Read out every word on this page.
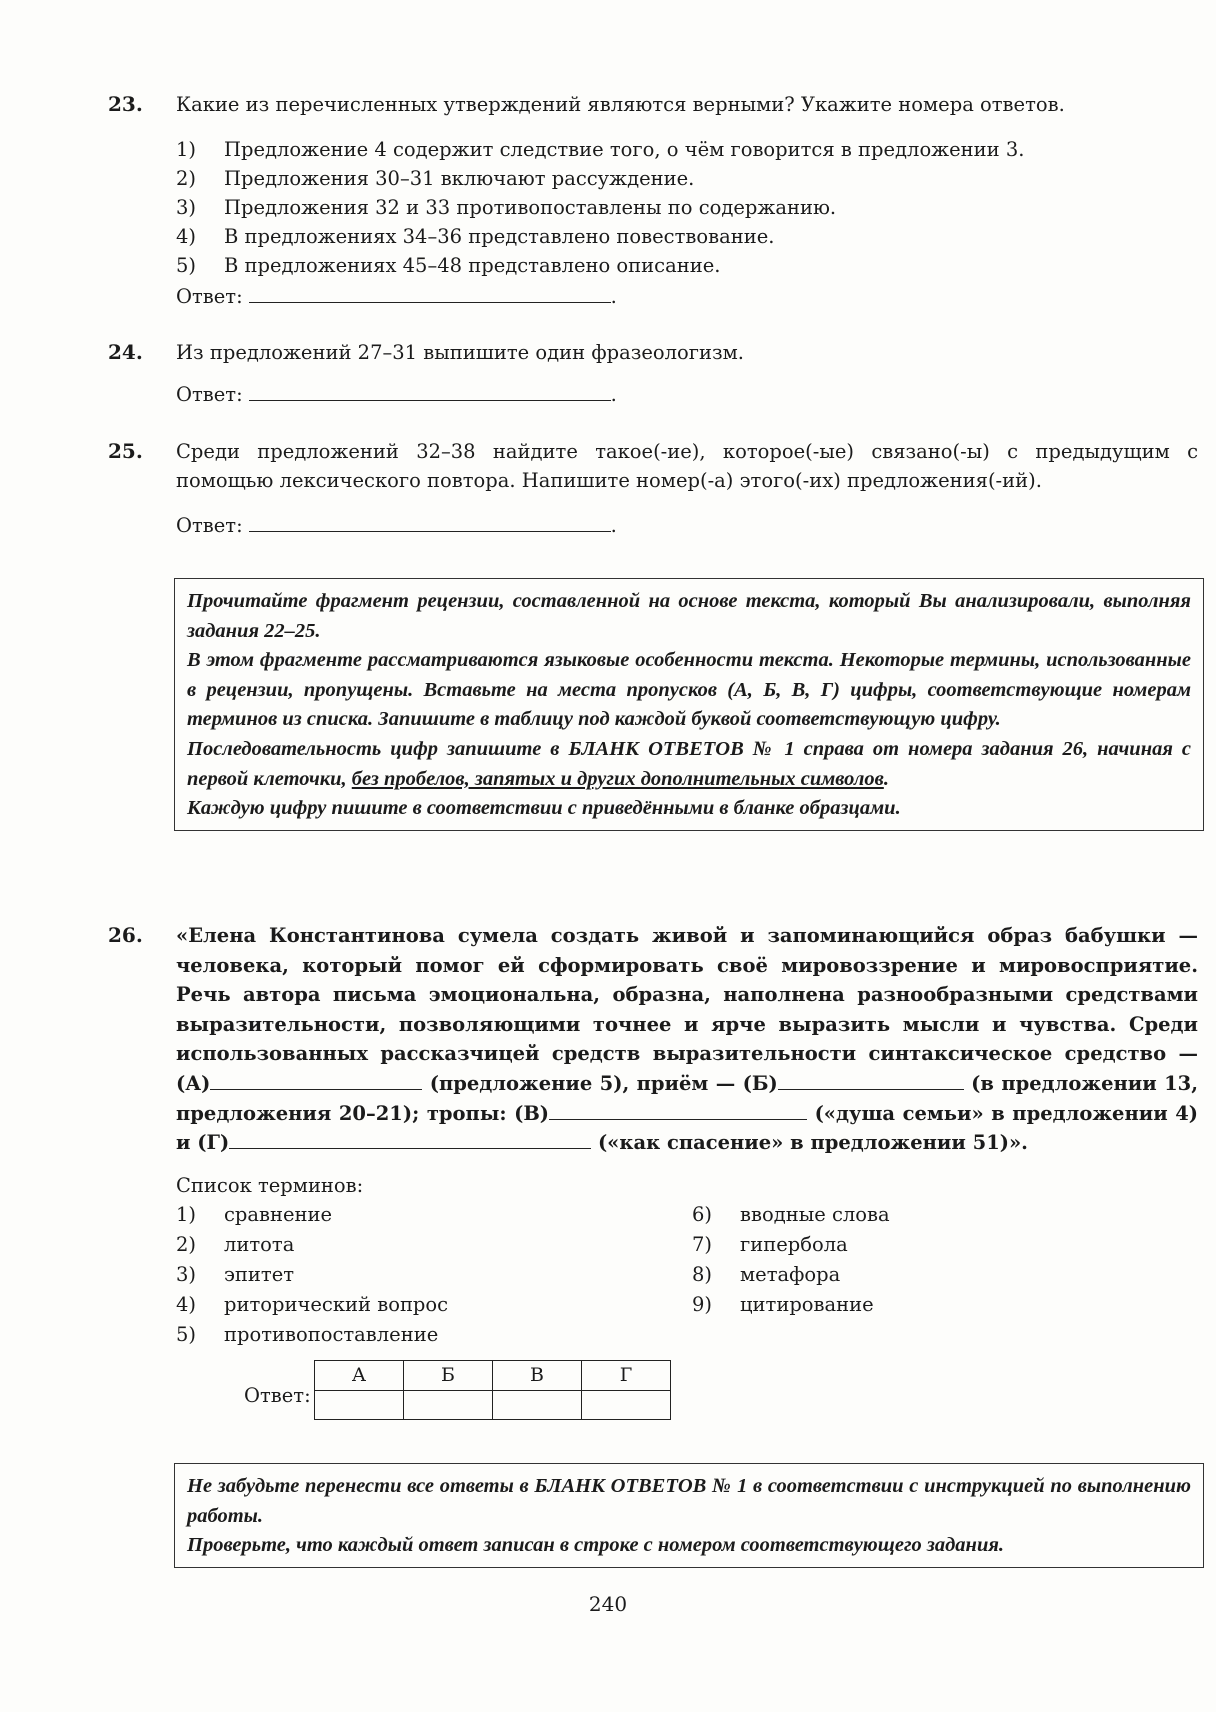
23. Какие из перечисленных утверждений являются верными? Укажите номера ответов.
1)	Предложение 4 содержит следствие того, о чём говорится в предложении 3.
2)	Предложения 30–31 включают рассуждение.
3)	Предложения 32 и 33 противопоставлены по содержанию.
4)	В предложениях 34–36 представлено повествование.
5)	В предложениях 45–48 представлено описание.
Ответ:	.
24. Из предложений 27–31 выпишите один фразеологизм.
Ответ:	.
25. Среди предложений 32–38 найдите такое(-ие), которое(-ые) связано(-ы) с предыдущим с помощью лексического повтора. Напишите номер(-а) этого(-их) предложения(-ий).
Ответ:	.

Прочитайте фрагмент рецензии, составленной на основе текста, который Вы анализировали, выполняя задания 22–25.

В этом фрагменте рассматриваются языковые особенности текста. Некоторые термины, использованные в рецензии, пропущены. Вставьте на места пропусков (А, Б, В, Г) цифры, соответствующие номерам терминов из списка. Запишите в таблицу под каждой буквой соответствующую цифру.

Последовательность цифр запишите в БЛАНК ОТВЕТОВ № 1 справа от номера задания 26, начиная с первой клеточки, без пробелов, запятых и других дополнительных символов.

Каждую цифру пишите в соответствии с приведёнными в бланке образцами.

26. «Елена Константинова сумела создать живой и запоминающийся образ бабушки — человека, который помог ей сформировать своё мировоззрение и мировосприятие. Речь автора письма эмоциональна, образна, наполнена разнообразными средствами выразительности, позволяющими точнее и ярче выразить мысли и чувства. Среди использованных рассказчицей средств выразительности синтаксическое средство — (А)	(предложение 5), приём — (Б)	(в предложении 13, предложения 20–21); тропы: (В)	(«душа семьи» в предложении 4) и (Г)	(«как спасение» в предложении 51)».
Список терминов:
1)	сравнение
2)	литота
3)	эпитет
4)	риторический вопрос
5)	противопоставление
6)	вводные слова
7)	гипербола
8)	метафора
9)	цитирование
Ответ:
А	Б	В	Г

Не забудьте перенести все ответы в БЛАНК ОТВЕТОВ № 1 в соответствии с инструкцией по выполнению работы.

Проверьте, что каждый ответ записан в строке с номером соответствующего задания.

240
